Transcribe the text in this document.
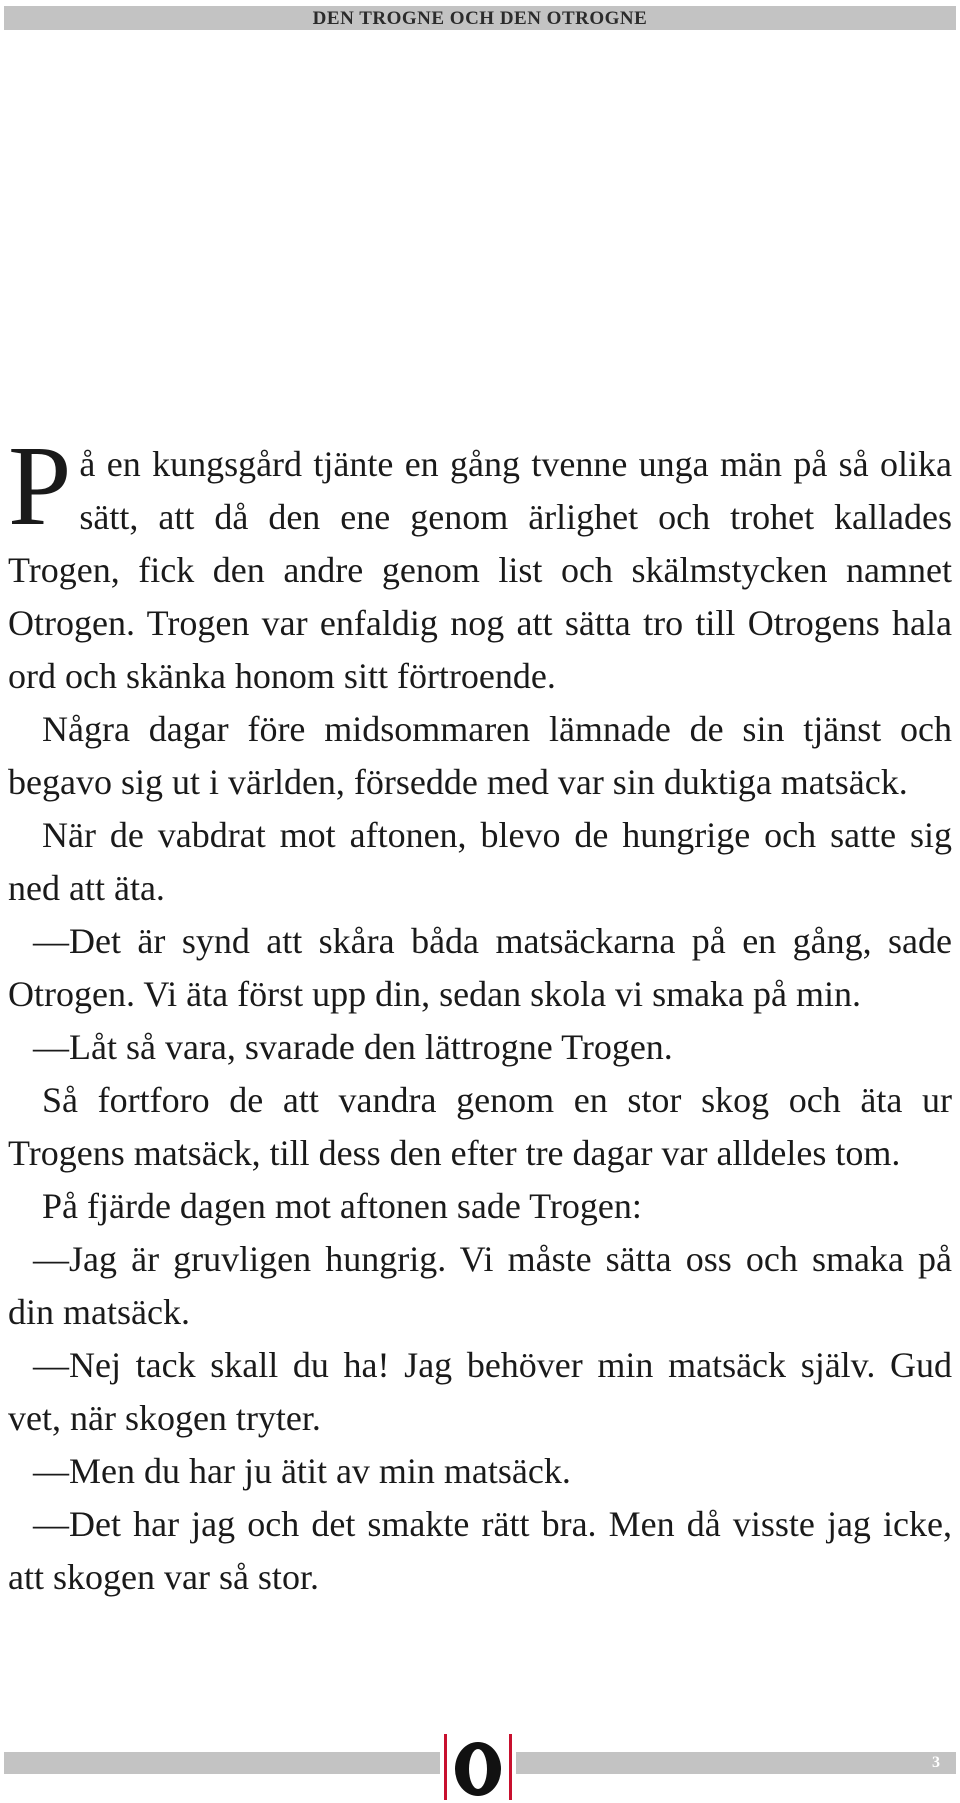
DEN TROGNE OCH DEN OTROGNE

På en kungsgård tjänte en gång tvenne unga män på så olika sätt, att då den ene genom ärlighet och trohet kallades Trogen, fick den andre genom list och skälmstycken namnet Otrogen. Trogen var enfaldig nog att sätta tro till Otrogens hala ord och skänka honom sitt förtroende.

Några dagar före midsommaren lämnade de sin tjänst och begavo sig ut i världen, försedde med var sin duktiga matsäck.

När de vabdrat mot aftonen, blevo de hungrige och satte sig ned att äta.

—Det är synd att skåra båda matsäckarna på en gång, sade Otrogen. Vi äta först upp din, sedan skola vi smaka på min.

—Låt så vara, svarade den lättrogne Trogen.

Så fortforo de att vandra genom en stor skog och äta ur Trogens matsäck, till dess den efter tre dagar var alldeles tom.

På fjärde dagen mot aftonen sade Trogen:

—Jag är gruvligen hungrig. Vi måste sätta oss och smaka på din matsäck.

—Nej tack skall du ha! Jag behöver min matsäck själv. Gud vet, när skogen tryter.

—Men du har ju ätit av min matsäck.

—Det har jag och det smakte rätt bra. Men då visste jag icke, att skogen var så stor.

3
